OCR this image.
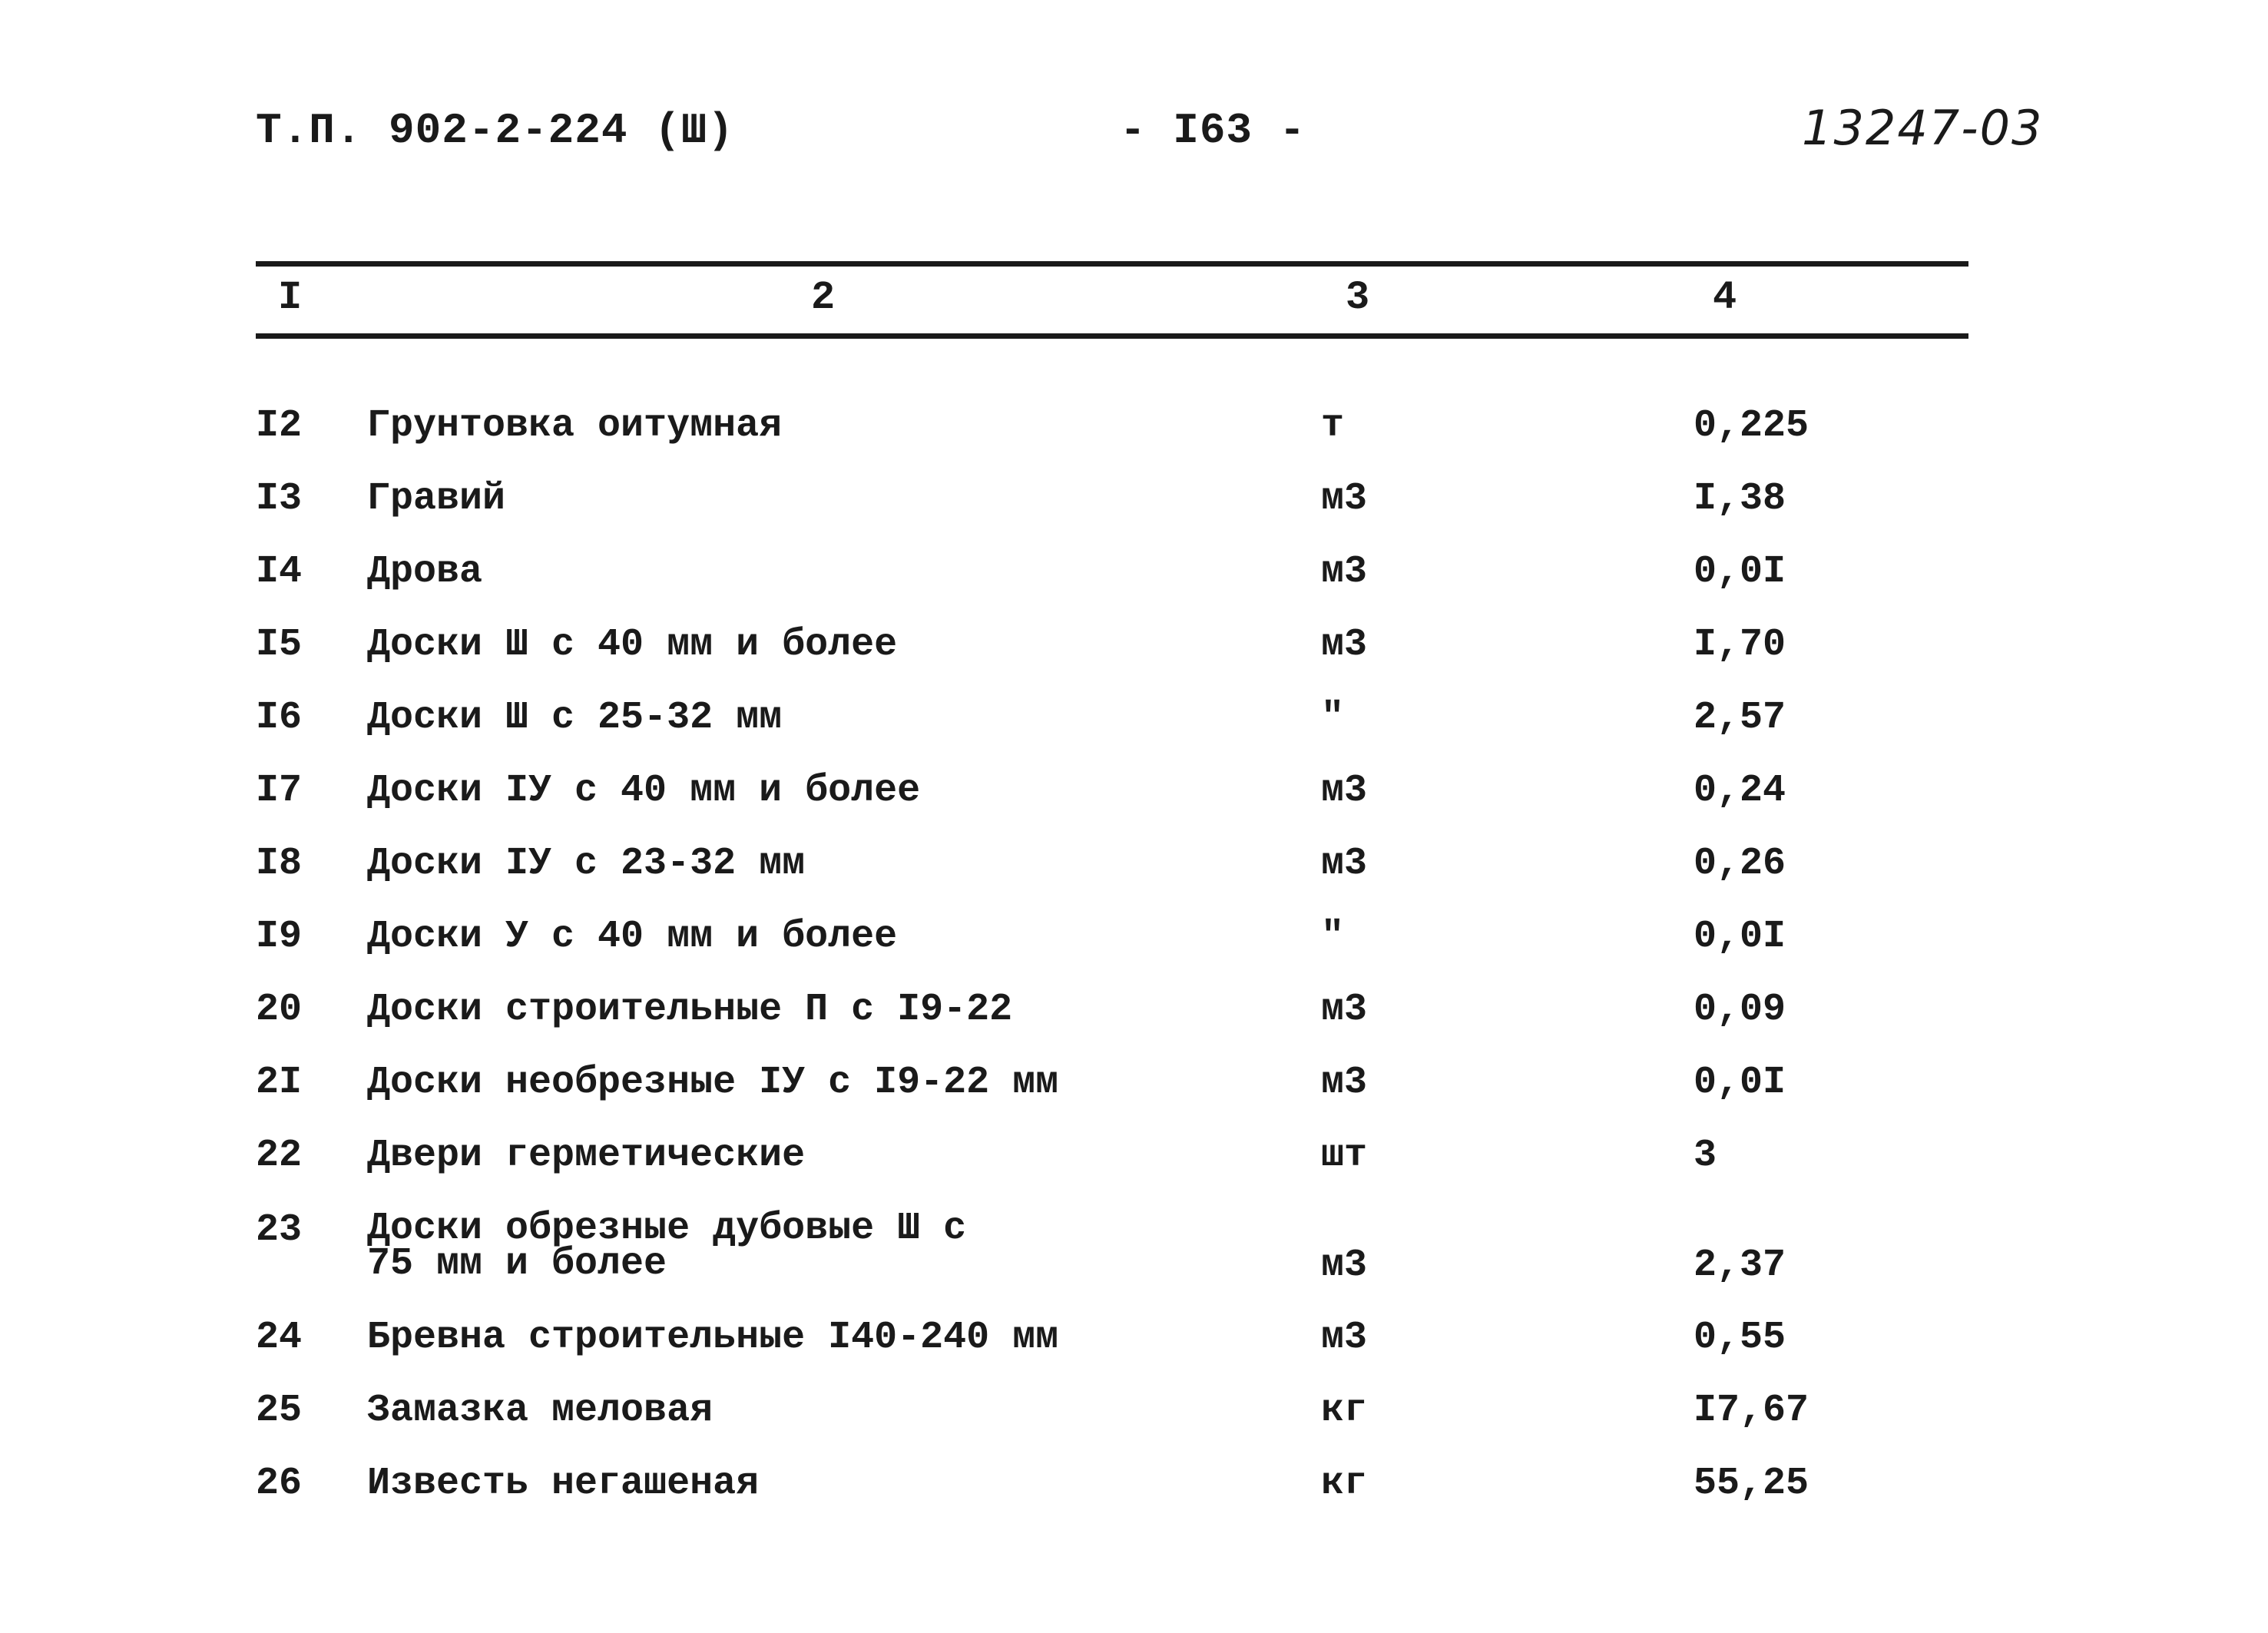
Т.П. 902-2-224 (Ш)	- I63 -	13247-03
I	2	3	4
I2 Грунтовка оитумная	т	0,225
I3 Гравий	м3	I,38
I4 Дрова	м3	0,0I
I5 Доски Ш с 40 мм и более	м3	I,70
I6 Доски Ш с 25-32 мм	"	2,57
I7 Доски IУ с 40 мм и более	м3	0,24
I8 Доски IУ с 23-32 мм	м3	0,26
I9 Доски У с 40 мм и более	"	0,0I
20 Доски строительные П с I9-22	м3	0,09
2I Доски необрезные IУ с I9-22 мм	м3	0,0I
22 Двери герметические	шт	3
23 Доски обрезные дубовые Ш с
75 мм и более	м3	2,37
24 Бревна строительные I40-240 мм	м3	0,55
25 Замазка меловая	кг	I7,67
26 Известь негашеная	кг	55,25
